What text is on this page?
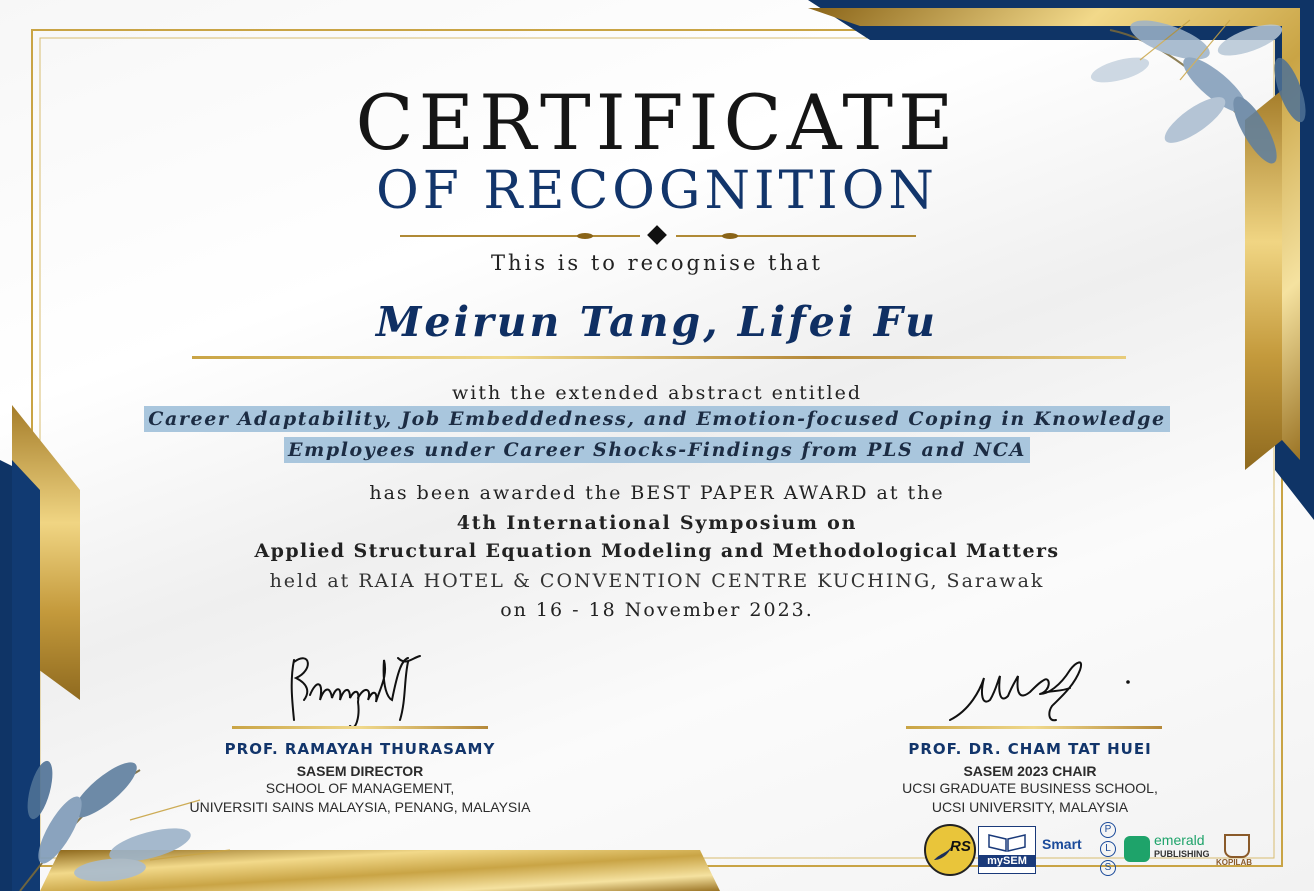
CERTIFICATE
OF RECOGNITION
This is to recognise that
Meirun Tang, Lifei Fu
with the extended abstract entitled
Career Adaptability, Job Embeddedness, and Emotion-focused Coping in Knowledge
Employees under Career Shocks-Findings from PLS and NCA
has been awarded the BEST PAPER AWARD at the
4th International Symposium on
Applied Structural Equation Modeling and Methodological Matters
held at RAIA HOTEL & CONVENTION CENTRE KUCHING, Sarawak
on 16 - 18 November 2023.
PROF. RAMAYAH THURASAMY
SASEM DIRECTOR
SCHOOL OF MANAGEMENT,
UNIVERSITI SAINS MALAYSIA, PENANG, MALAYSIA
PROF. DR. CHAM TAT HUEI
SASEM 2023 CHAIR
UCSI GRADUATE BUSINESS SCHOOL,
UCSI UNIVERSITY, MALAYSIA
RS
mySEM
Smart
P
L
S
emerald
PUBLISHING
KOPILAB
